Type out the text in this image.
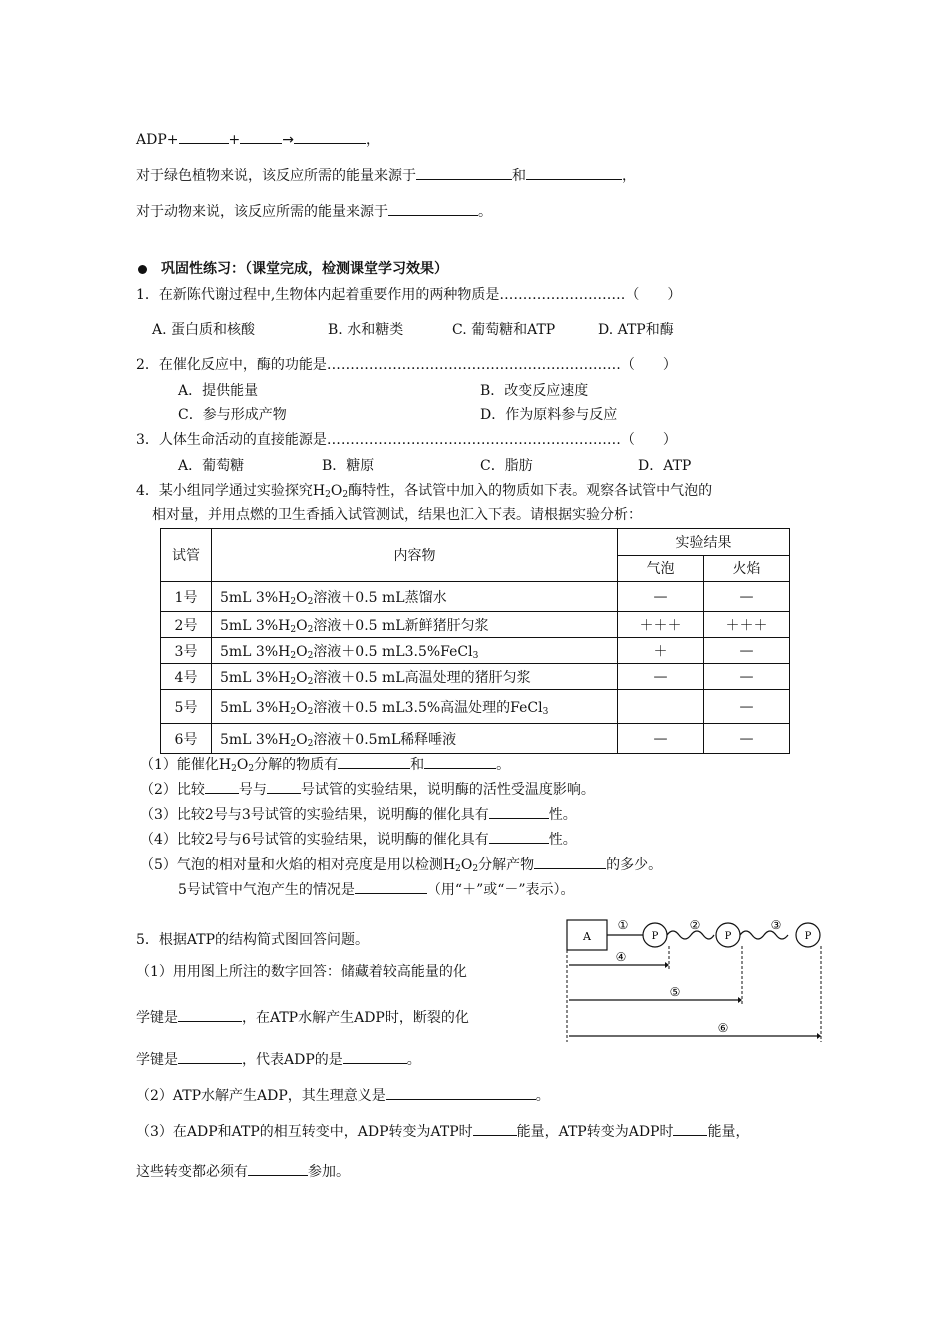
ADP+	+	→	，
对于绿色植物来说，该反应所需的能量来源于	和	，
对于动物来说，该反应所需的能量来源于	。
巩固性练习：（课堂完成，检测课堂学习效果）
1．在新陈代谢过程中,生物体内起着重要作用的两种物质是………………………（　　）
A. 蛋白质和核酸	B. 水和糖类	C. 葡萄糖和ATP	D. ATP和酶
2．在催化反应中，酶的功能是………………………………………………………（　　）
A．提供能量	B．改变反应速度
C．参与形成产物	D．作为原料参与反应
3．人体生命活动的直接能源是………………………………………………………（　　）
A．葡萄糖	B．糖原	C．脂肪	D．ATP
4．某小组同学通过实验探究$H_2O_2$酶特性，各试管中加入的物质如下表。观察各试管中气泡的
相对量，并用点燃的卫生香插入试管测试，结果也汇入下表。请根据实验分析：
试管	内容物	实验结果	
		气泡	火焰
1号	5mL $3\%H_2O_2$溶液＋0.5 mL蒸馏水	—	—
2号	5mL $3\%H_2O_2$溶液＋0.5 mL新鲜猪肝匀浆	＋＋＋	＋＋＋
3号	5mL $3\%H_2O_2$溶液＋0.5 mL3.5%FeCl$_3$	＋	—
4号	5mL $3\%H_2O_2$溶液＋0.5 mL高温处理的猪肝匀浆	—	—
5号	5mL $3\%H_2O_2$溶液＋0.5 mL3.5%高温处理的FeCl$_3$		—
6号	5mL $3\%H_2O_2$溶液＋0.5mL稀释唾液	—	—
（1）能催化$H_2O_2$分解的物质有	和	。
（2）比较 号与 号试管的实验结果，说明酶的活性受温度影响。
（3）比较2号与3号试管的实验结果，说明酶的催化具有	性。
（4）比较2号与6号试管的实验结果，说明酶的催化具有	性。
（5）气泡的相对量和火焰的相对亮度是用以检测$H_2O_2$分解产物	的多少。
5号试管中气泡产生的情况是	（用“＋”或“－”表示）。
5．根据ATP的结构简式图回答问题。
（1）用用图上所注的数字回答：储藏着较高能量的化
学键是	，在ATP水解产生ADP时，断裂的化
学键是	，代表ADP的是	。
（2）ATP水解产生ADP，其生理意义是	。
（3）在ADP和ATP的相互转变中，ADP转变为ATP时	能量，ATP转变为ADP时 能量，
这些转变都必须有	参加。
A
①
P
②
P
③
P
④
⑤
⑥
